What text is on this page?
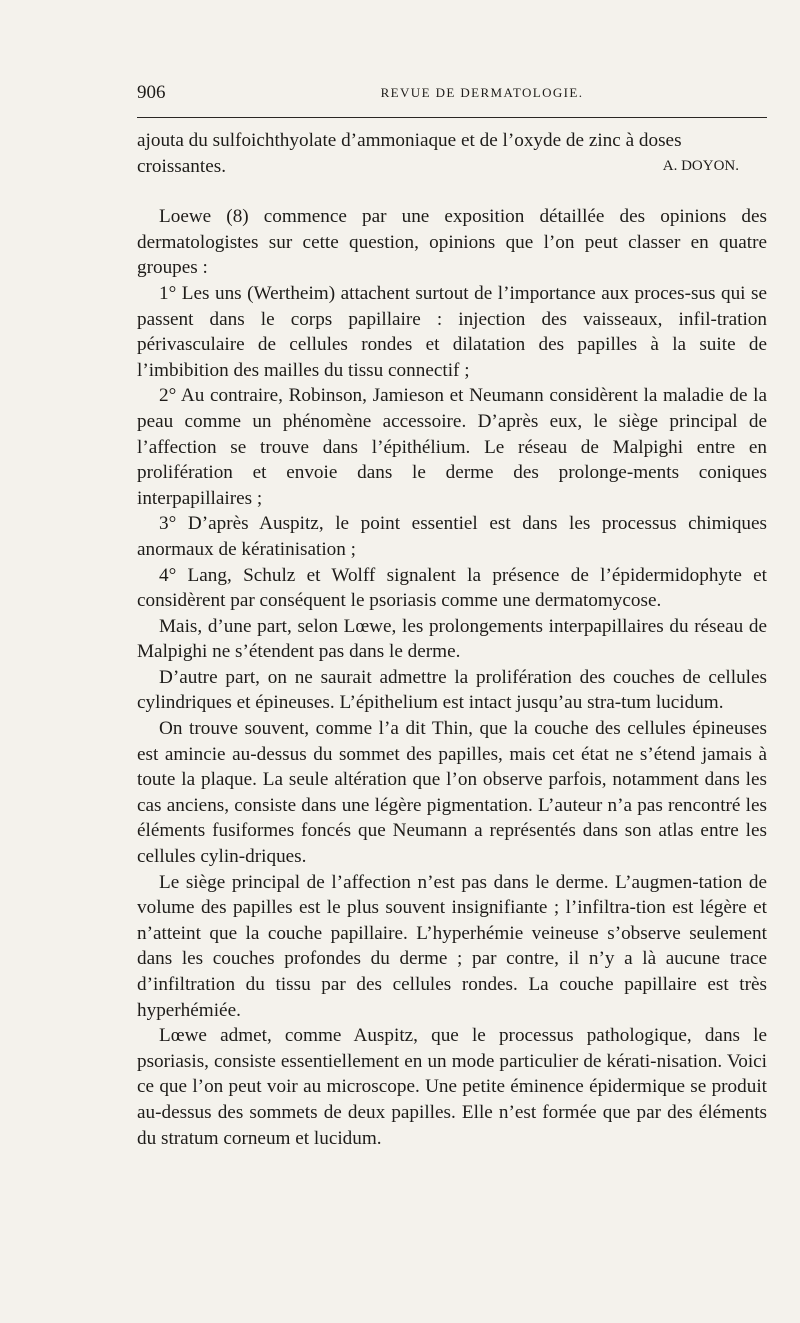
906	REVUE DE DERMATOLOGIE.

ajouta du sulfoichthyolate d’ammoniaque et de l’oxyde de zinc à doses

croissantes.	A. DOYON.

Loewe (8) commence par une exposition détaillée des opinions des dermatologistes sur cette question, opinions que l’on peut classer en quatre groupes :

1° Les uns (Wertheim) attachent surtout de l’importance aux proces-sus qui se passent dans le corps papillaire : injection des vaisseaux, infil-tration périvasculaire de cellules rondes et dilatation des papilles à la suite de l’imbibition des mailles du tissu connectif ;

2° Au contraire, Robinson, Jamieson et Neumann considèrent la maladie de la peau comme un phénomène accessoire. D’après eux, le siège principal de l’affection se trouve dans l’épithélium. Le réseau de Malpighi entre en prolifération et envoie dans le derme des prolonge-ments coniques interpapillaires ;

3° D’après Auspitz, le point essentiel est dans les processus chimiques anormaux de kératinisation ;

4° Lang, Schulz et Wolff signalent la présence de l’épidermidophyte et considèrent par conséquent le psoriasis comme une dermatomycose.

Mais, d’une part, selon Lœwe, les prolongements interpapillaires du réseau de Malpighi ne s’étendent pas dans le derme.

D’autre part, on ne saurait admettre la prolifération des couches de cellules cylindriques et épineuses. L’épithelium est intact jusqu’au stra-tum lucidum.

On trouve souvent, comme l’a dit Thin, que la couche des cellules épineuses est amincie au-dessus du sommet des papilles, mais cet état ne s’étend jamais à toute la plaque. La seule altération que l’on observe parfois, notamment dans les cas anciens, consiste dans une légère pigmentation. L’auteur n’a pas rencontré les éléments fusiformes foncés que Neumann a représentés dans son atlas entre les cellules cylin-driques.

Le siège principal de l’affection n’est pas dans le derme. L’augmen-tation de volume des papilles est le plus souvent insignifiante ; l’infiltra-tion est légère et n’atteint que la couche papillaire. L’hyperhémie veineuse s’observe seulement dans les couches profondes du derme ; par contre, il n’y a là aucune trace d’infiltration du tissu par des cellules rondes. La couche papillaire est très hyperhémiée.

Lœwe admet, comme Auspitz, que le processus pathologique, dans le psoriasis, consiste essentiellement en un mode particulier de kérati-nisation. Voici ce que l’on peut voir au microscope. Une petite éminence épidermique se produit au-dessus des sommets de deux papilles. Elle n’est formée que par des éléments du stratum corneum et lucidum.
